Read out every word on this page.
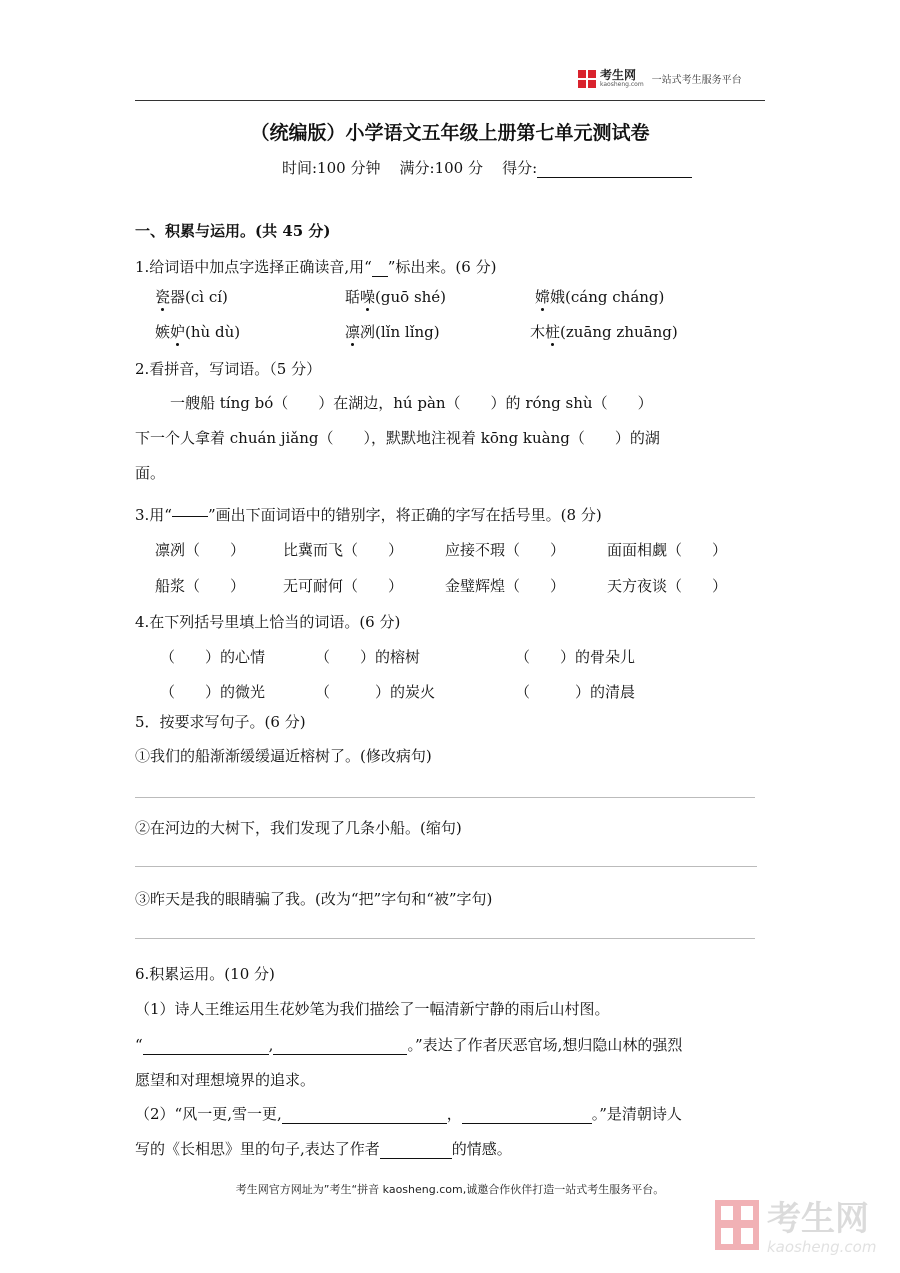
考生网
kaosheng.com 一站式考生服务平台
（统编版）小学语文五年级上册第七单元测试卷
时间:100 分钟 满分:100 分 得分:
一、积累与运用。(共 45 分)
1.给词语中加点字选择正确读音,用“ ”标出来。(6 分)
瓷器(cì cí)	聒噪(guō shé)	嫦娥(cáng cháng)
嫉妒(hù dù)	凛冽(lǐn lǐng)	木桩(zuāng zhuāng)
2.看拼音，写词语。（5 分）
一艘船 tíng bó（　　）在湖边，hú pàn（　　）的 róng shù（　　）
下一个人拿着 chuán jiǎng（　　），默默地注视着 kōng kuàng（　　）的湖
面。
3.用“ ”画出下面词语中的错别字，将正确的字写在括号里。(8 分)
凛冽（　　）	比冀而飞（　　）	应接不瑕（　　）	面面相觑（　　）
船浆（　　）	无可耐何（　　）	金璧辉煌（　　）	天方夜谈（　　）
4.在下列括号里填上恰当的词语。(6 分)
（　　）的心情	（　　）的榕树	（　　）的骨朵儿
（　　）的微光	（　　　）的炭火	（　　　）的清晨
5．按要求写句子。(6 分)
①我们的船渐渐缓缓逼近榕树了。(修改病句)
②在河边的大树下，我们发现了几条小船。(缩句)
③昨天是我的眼睛骗了我。(改为“把”字句和“被”字句)
6.积累运用。(10 分)
（1）诗人王维运用生花妙笔为我们描绘了一幅清新宁静的雨后山村图。
“	,	。”表达了作者厌恶官场,想归隐山林的强烈
愿望和对理想境界的追求。
（2）“风一更,雪一更,	，	。”是清朝诗人
写的《长相思》里的句子,表达了作者	的情感。
考生网官方网址为”考生“拼音 kaosheng.com,诚邀合作伙伴打造一站式考生服务平台。
考生网
kaosheng.com
